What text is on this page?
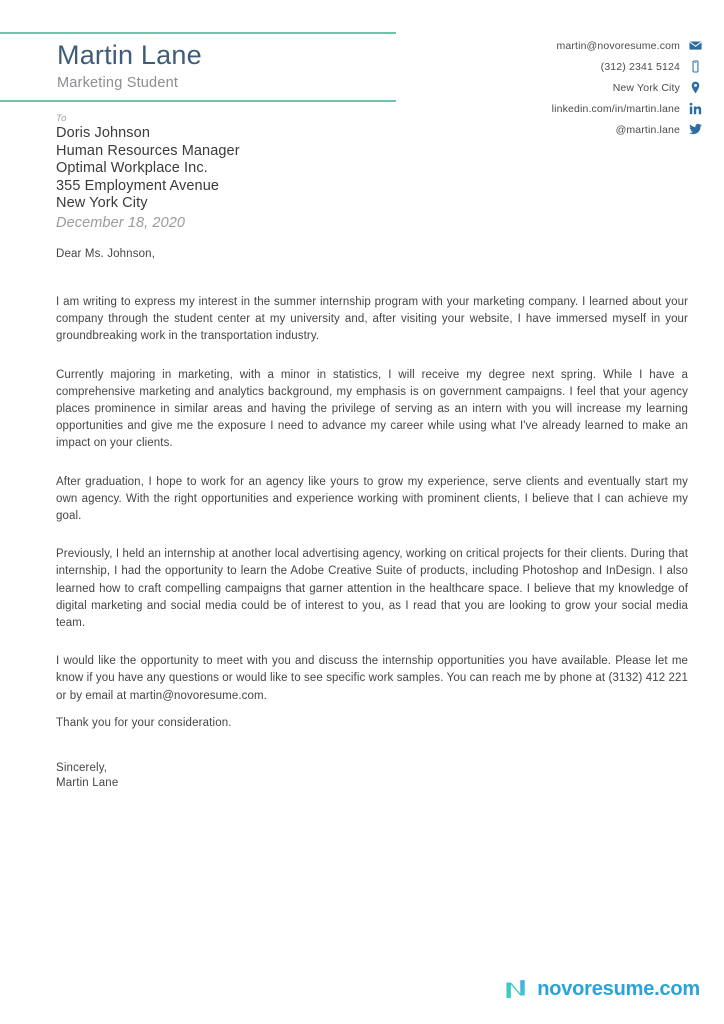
Martin Lane
Marketing Student
martin@novoresume.com
(312) 2341 5124
New York City
linkedin.com/in/martin.lane
@martin.lane
To
Doris Johnson
Human Resources Manager
Optimal Workplace Inc.
355 Employment Avenue
New York City
December 18, 2020
Dear Ms. Johnson,

I am writing to express my interest in the summer internship program with your marketing company. I learned about your company through the student center at my university and, after visiting your website, I have immersed myself in your groundbreaking work in the transportation industry.

Currently majoring in marketing, with a minor in statistics, I will receive my degree next spring. While I have a comprehensive marketing and analytics background, my emphasis is on government campaigns. I feel that your agency places prominence in similar areas and having the privilege of serving as an intern with you will increase my learning opportunities and give me the exposure I need to advance my career while using what I've already learned to make an impact on your clients.

After graduation, I hope to work for an agency like yours to grow my experience, serve clients and eventually start my own agency. With the right opportunities and experience working with prominent clients, I believe that I can achieve my goal.

Previously, I held an internship at another local advertising agency, working on critical projects for their clients. During that internship, I had the opportunity to learn the Adobe Creative Suite of products, including Photoshop and InDesign. I also learned how to craft compelling campaigns that garner attention in the healthcare space. I believe that my knowledge of digital marketing and social media could be of interest to you, as I read that you are looking to grow your social media team.

I would like the opportunity to meet with you and discuss the internship opportunities you have available. Please let me know if you have any questions or would like to see specific work samples. You can reach me by phone at (3132) 412 221 or by email at martin@novoresume.com.

Thank you for your consideration.
Sincerely,
Martin Lane
novoresume.com
